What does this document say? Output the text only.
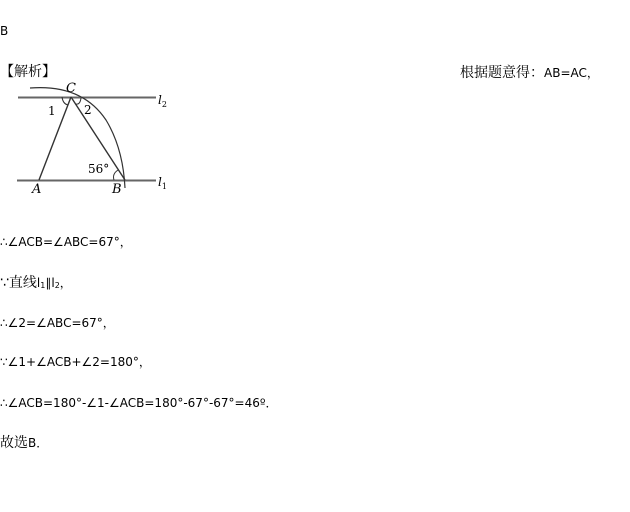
B
【解析】	根据题意得：AB=AC，
C
A	B
1 2
56°
$l_2$
$l_1$
∴∠ACB=∠ABC=67°，
∵直线l1∥l2，
∴∠2=∠ABC=67°，
∵∠1+∠ACB+∠2=180°，
∴∠ACB=180°-∠1-∠ACB=180°-67°-67°=46º．
故选B．
